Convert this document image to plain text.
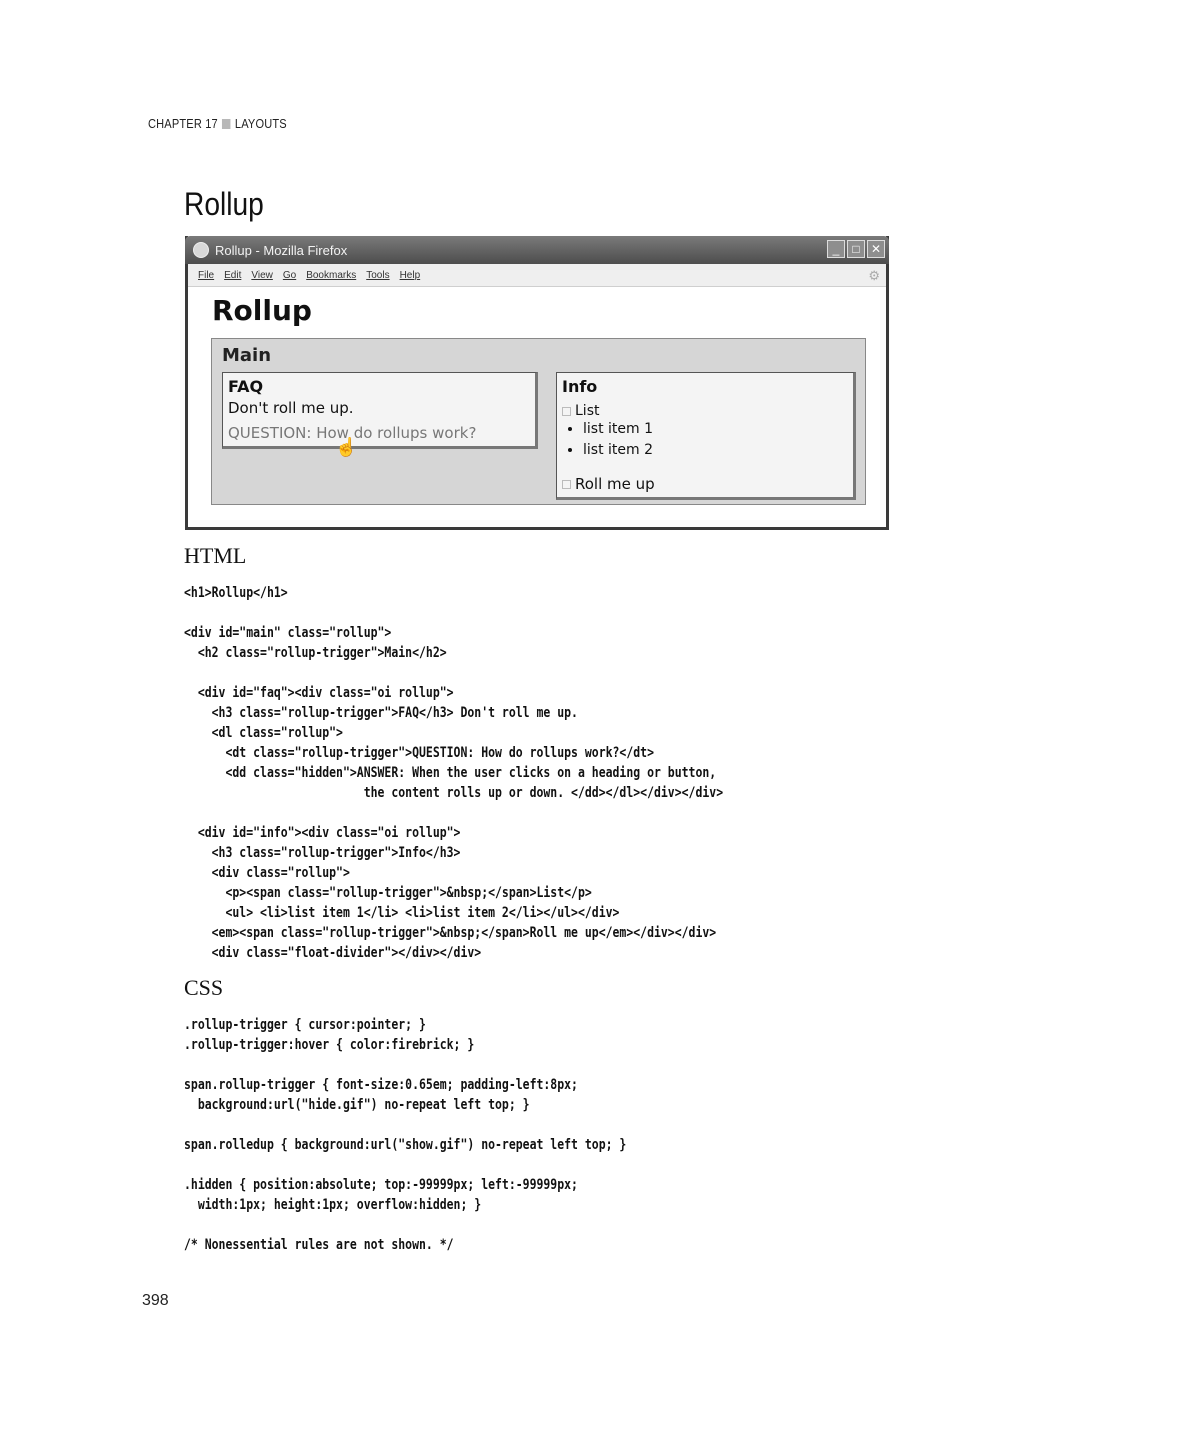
CHAPTER 17 LAYOUTS
Rollup
Rollup - Mozilla Firefox	_	□ ✕
File Edit View Go Bookmarks Tools Help	⚙
Rollup
Main
FAQ
Don't roll me up.
QUESTION: How do rollups work?
☝
Info
List
• list item 1
• list item 2
Roll me up
HTML
<h1>Rollup</h1>

<div id="main" class="rollup">
<h2 class="rollup-trigger">Main</h2>

<div id="faq"><div class="oi rollup">
<h3 class="rollup-trigger">FAQ</h3> Don't roll me up.
<dl class="rollup">
<dt class="rollup-trigger">QUESTION: How do rollups work?</dt>
<dd class="hidden">ANSWER: When the user clicks on a heading or button,
the content rolls up or down. </dd></dl></div></div>

<div id="info"><div class="oi rollup">
<h3 class="rollup-trigger">Info</h3>
<div class="rollup">
<p><span class="rollup-trigger">&nbsp;</span>List</p>
<ul> <li>list item 1</li> <li>list item 2</li></ul></div>
<em><span class="rollup-trigger">&nbsp;</span>Roll me up</em></div></div>
<div class="float-divider"></div></div>
CSS
.rollup-trigger { cursor:pointer; }
.rollup-trigger:hover { color:firebrick; }

span.rollup-trigger { font-size:0.65em; padding-left:8px;
background:url("hide.gif") no-repeat left top; }

span.rolledup { background:url("show.gif") no-repeat left top; }

.hidden { position:absolute; top:-99999px; left:-99999px;
width:1px; height:1px; overflow:hidden; }

/* Nonessential rules are not shown. */
398
